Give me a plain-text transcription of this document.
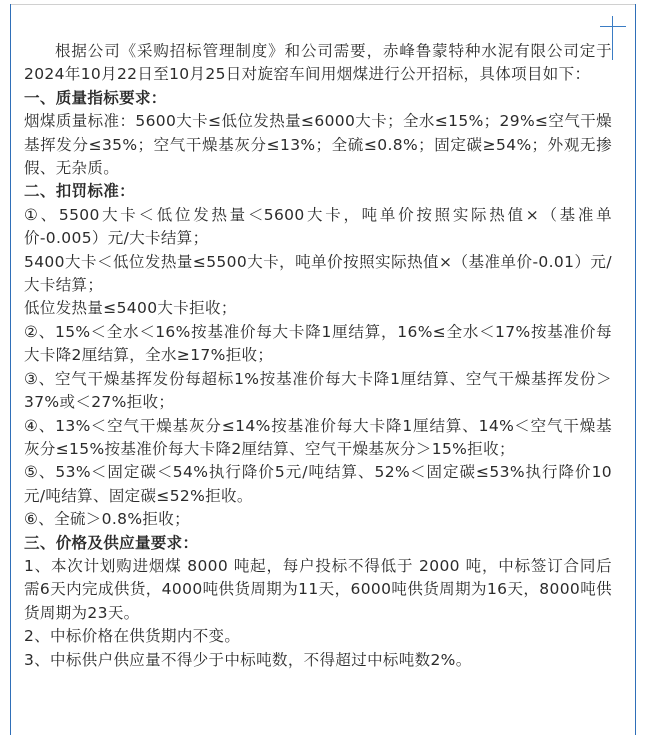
根据公司《采购招标管理制度》和公司需要，赤峰鲁蒙特种水泥有限公司定于2024年10月22日至10月25日对旋窑车间用烟煤进行公开招标，具体项目如下：

一、质量指标要求：

烟煤质量标准：5600大卡≤低位发热量≤6000大卡；全水≤15%；29%≤空气干燥基挥发分≤35%；空气干燥基灰分≤13%；全硫≤0.8%；固定碳≥54%；外观无掺假、无杂质。

二、扣罚标准：

①、5500大卡＜低位发热量＜5600大卡，吨单价按照实际热值×（基准单价-0.005）元/大卡结算；

5400大卡＜低位发热量≤5500大卡，吨单价按照实际热值×（基准单价-0.01）元/大卡结算；

低位发热量≤5400大卡拒收；

②、15%＜全水＜16%按基准价每大卡降1厘结算，16%≤全水＜17%按基准价每大卡降2厘结算，全水≥17%拒收；

③、空气干燥基挥发份每超标1%按基准价每大卡降1厘结算、空气干燥基挥发份＞37%或＜27%拒收；

④、13%＜空气干燥基灰分≤14%按基准价每大卡降1厘结算、14%＜空气干燥基灰分≤15%按基准价每大卡降2厘结算、空气干燥基灰分＞15%拒收；

⑤、53%＜固定碳＜54%执行降价5元/吨结算、52%＜固定碳≤53%执行降价10元/吨结算、固定碳≤52%拒收。

⑥、全硫＞0.8%拒收；

三、价格及供应量要求：

1、本次计划购进烟煤 8000 吨起，每户投标不得低于 2000 吨，中标签订合同后需6天内完成供货，4000吨供货周期为11天，6000吨供货周期为16天，8000吨供货周期为23天。

2、中标价格在供货期内不变。

3、中标供户供应量不得少于中标吨数，不得超过中标吨数2%。
